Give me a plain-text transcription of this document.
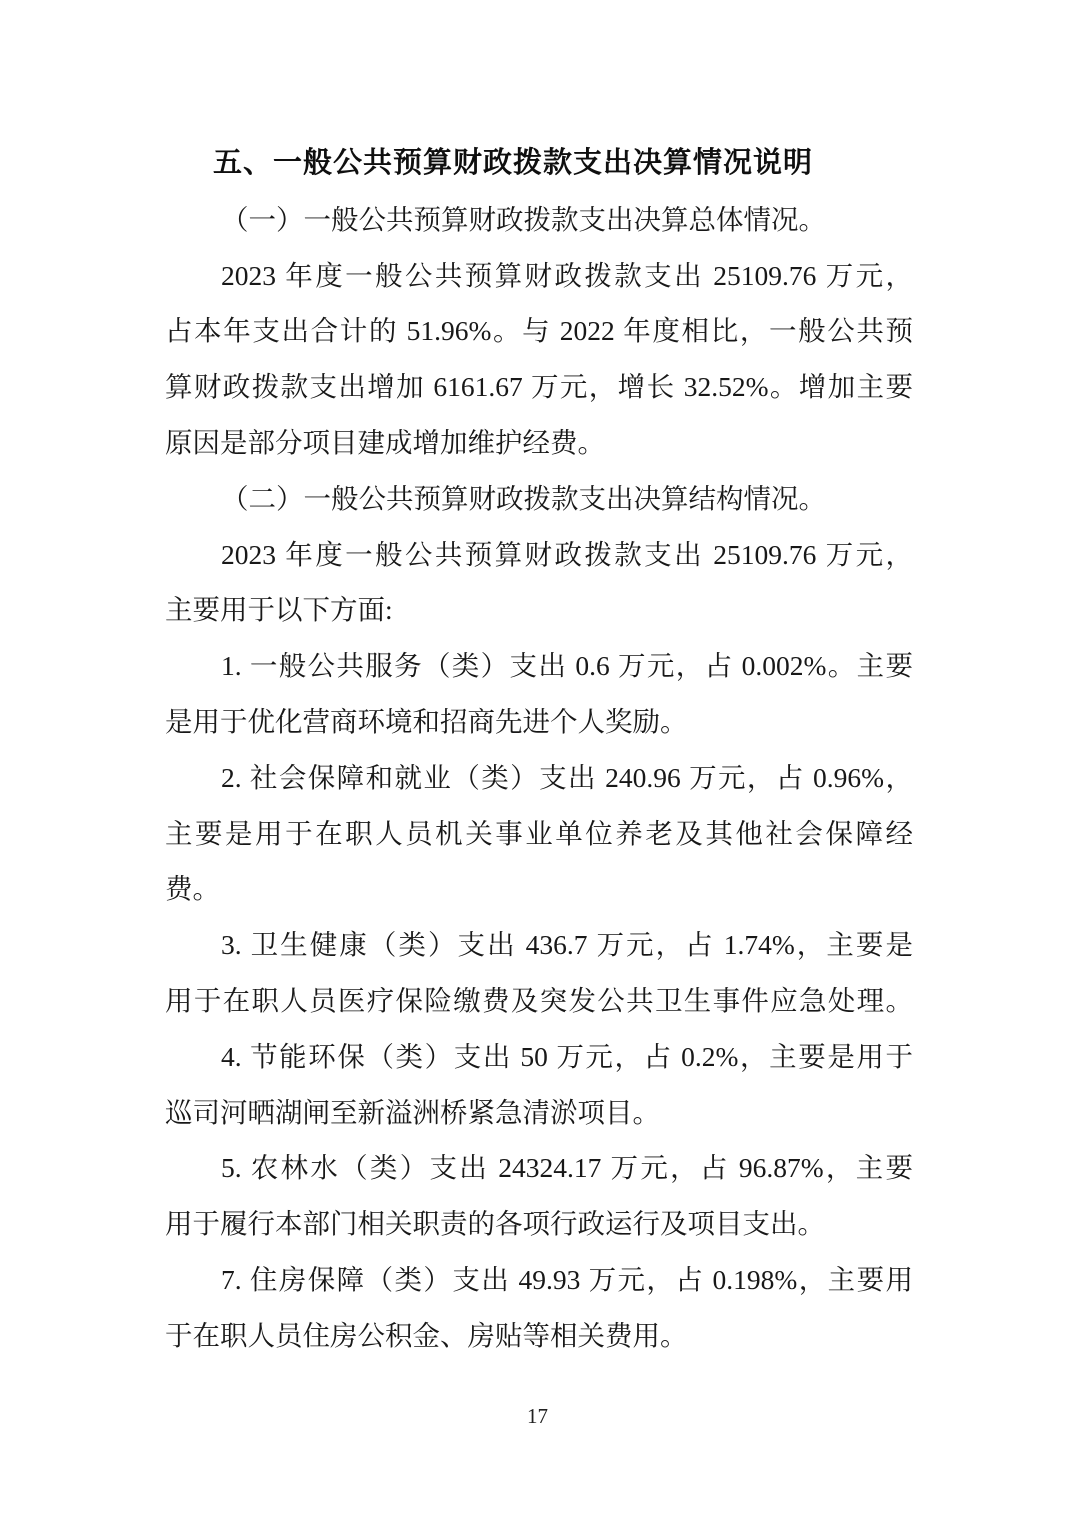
五、一般公共预算财政拨款支出决算情况说明
（一）一般公共预算财政拨款支出决算总体情况。
2023 年度一般公共预算财政拨款支出 25109.76 万元，
占本年支出合计的 51.96%。与 2022 年度相比，一般公共预
算财政拨款支出增加 6161.67 万元，增长 32.52%。增加主要
原因是部分项目建成增加维护经费。
（二）一般公共预算财政拨款支出决算结构情况。
2023 年度一般公共预算财政拨款支出 25109.76 万元，
主要用于以下方面:
1. 一般公共服务（类）支出 0.6 万元，占 0.002%。主要
是用于优化营商环境和招商先进个人奖励。
2. 社会保障和就业（类）支出 240.96 万元，占 0.96%，
主要是用于在职人员机关事业单位养老及其他社会保障经
费。
3. 卫生健康（类）支出 436.7 万元，占 1.74%，主要是
用于在职人员医疗保险缴费及突发公共卫生事件应急处理。
4. 节能环保（类）支出 50 万元，占 0.2%，主要是用于
巡司河晒湖闸至新溢洲桥紧急清淤项目。
5. 农林水（类）支出 24324.17 万元，占 96.87%，主要
用于履行本部门相关职责的各项行政运行及项目支出。
7. 住房保障（类）支出 49.93 万元，占 0.198%，主要用
于在职人员住房公积金、房贴等相关费用。
17
